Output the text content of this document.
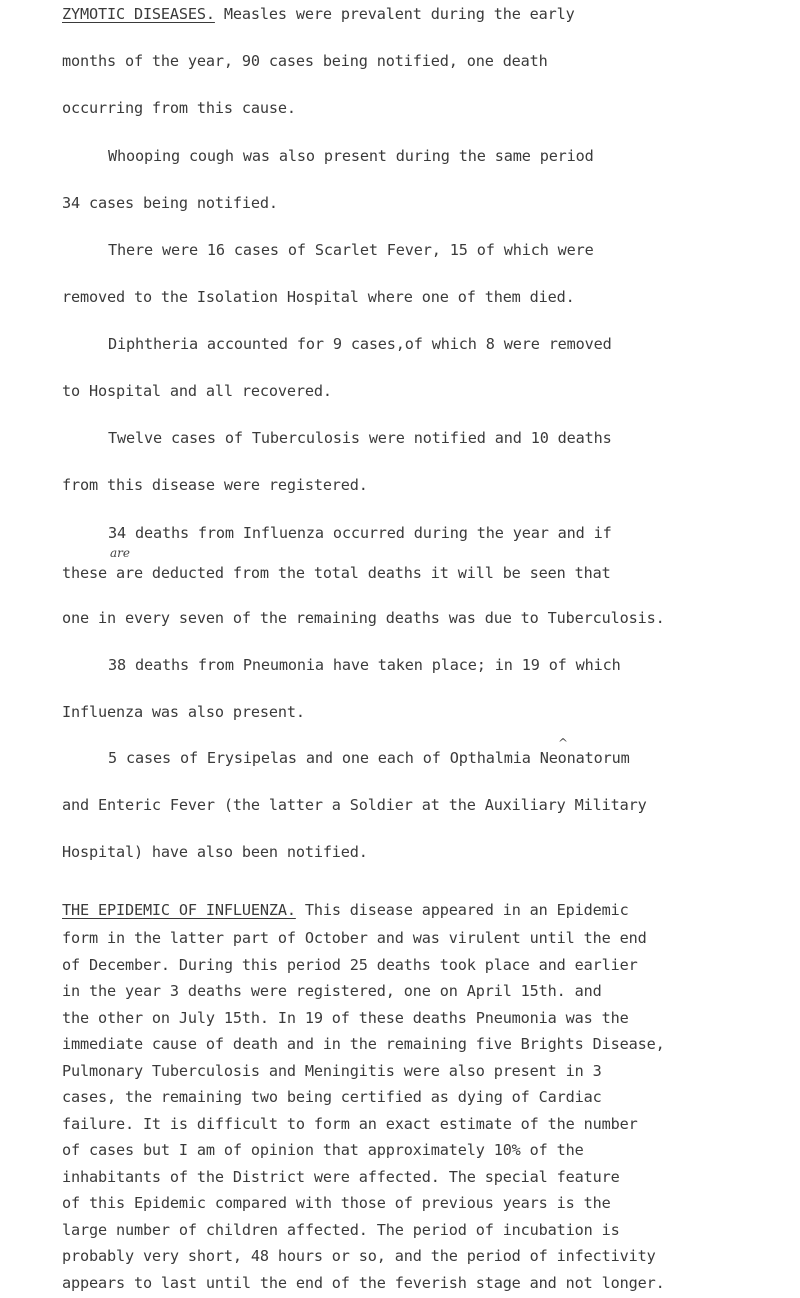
ZYMOTIC DISEASES. Measles were prevalent during the early
months of the year, 90 cases being notified, one death
occurring from this cause.
Whooping cough was also present during the same period
34 cases being notified.
There were 16 cases of Scarlet Fever, 15 of which were
removed to the Isolation Hospital where one of them died.
Diphtheria accounted for 9 cases,of which 8 were removed
to Hospital and all recovered.
Twelve cases of Tuberculosis were notified and 10 deaths
from this disease were registered.
34 deaths from Influenza occurred during the year and if
are
these are deducted from the total deaths it will be seen that
one in every seven of the remaining deaths was due to Tuberculosis.
38 deaths from Pneumonia have taken place; in 19 of which
Influenza was also present.
^
5 cases of Erysipelas and one each of Opthalmia Neonatorum
and Enteric Fever (the latter a Soldier at the Auxiliary Military
Hospital) have also been notified.
THE EPIDEMIC OF INFLUENZA. This disease appeared in an Epidemic
form in the latter part of October and was virulent until the end
of December. During this period 25 deaths took place and earlier
in the year 3 deaths were registered, one on April 15th. and
the other on July 15th. In 19 of these deaths Pneumonia was the
immediate cause of death and in the remaining five Brights Disease,
Pulmonary Tuberculosis and Meningitis were also present in 3
cases, the remaining two being certified as dying of Cardiac
failure. It is difficult to form an exact estimate of the number
of cases but I am of opinion that approximately 10% of the
inhabitants of the District were affected. The special feature
of this Epidemic compared with those of previous years is the
large number of children affected. The period of incubation is
probably very short, 48 hours or so, and the period of infectivity
appears to last until the end of the feverish stage and not longer.
